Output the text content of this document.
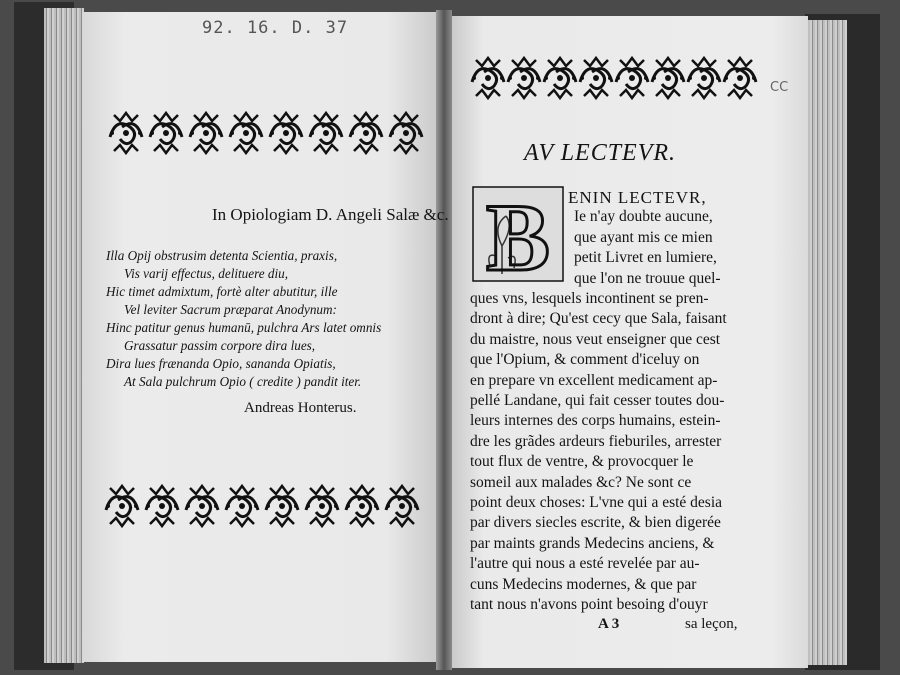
92. 16. D. 37
CC
In Opiologiam D. Angeli Salæ &c.
Illa Opij obstrusim detenta Scientia, praxis,
Vis varij effectus, delituere diu,
Hic timet admixtum, fortè alter abutitur, ille
Vel leviter Sacrum præparat Anodynum:
Hinc patitur genus humanū, pulchra Ars latet omnis
Grassatur passim corpore dira lues,
Dira lues frænanda Opio, sananda Opiatis,
At Sala pulchrum Opio ( credite ) pandit iter.
Andreas Honterus.
AV LECTEVR.
B ENIN LECTEVR,
Ie n'ay doubte aucune,
que ayant mis ce mien
petit Livret en lumiere,
que l'on ne trouue quel-
ques vns, lesquels incontinent se pren-
dront à dire; Qu'est cecy que Sala, faisant
du maistre, nous veut enseigner que cest
que l'Opium, & comment d'iceluy on
en prepare vn excellent medicament ap-
pellé Landane, qui fait cesser toutes dou-
leurs internes des corps humains, estein-
dre les grãdes ardeurs fieburiles, arrester
tout flux de ventre, & provocquer le
someil aux malades &c? Ne sont ce
point deux choses: L'vne qui a esté desia
par divers siecles escrite, & bien digerée
A 3	sa leçon,
par maints grands Medecins anciens, &
l'autre qui nous a esté revelée par au-
cuns Medecins modernes, & que par
tant nous n'avons point besoing d'ouyr
